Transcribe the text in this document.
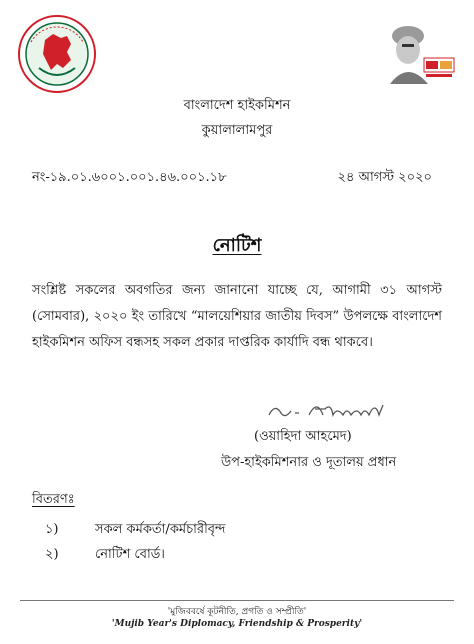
বাংলাদেশ হাইকমিশন
কুয়ালালামপুর
নং-১৯.০১.৬০০১.০০১.৪৬.০০১.১৮	২৪ আগস্ট ২০২০
নোটিশ
সংশ্লিষ্ট সকলের অবগতির জন্য জানানো যাচ্ছে যে, আগামী ৩১ আগস্ট (সোমবার), ২০২০ ইং তারিখে “মালয়েশিয়ার জাতীয় দিবস” উপলক্ষে বাংলাদেশ হাইকমিশন অফিস বন্ধসহ সকল প্রকার দাপ্তরিক কার্যাদি বন্ধ থাকবে।
(ওয়াহিদা আহমেদ)
উপ-হাইকমিশনার ও দূতালয় প্রধান
বিতরণঃ
১)	সকল কর্মকর্তা/কর্মচারীবৃন্দ
২)	নোটিশ বোর্ড।
'মুজিববর্ষে কূটনীতি, প্রগতি ও সম্প্রীতি'
'Mujib Year's Diplomacy, Friendship & Prosperity'
